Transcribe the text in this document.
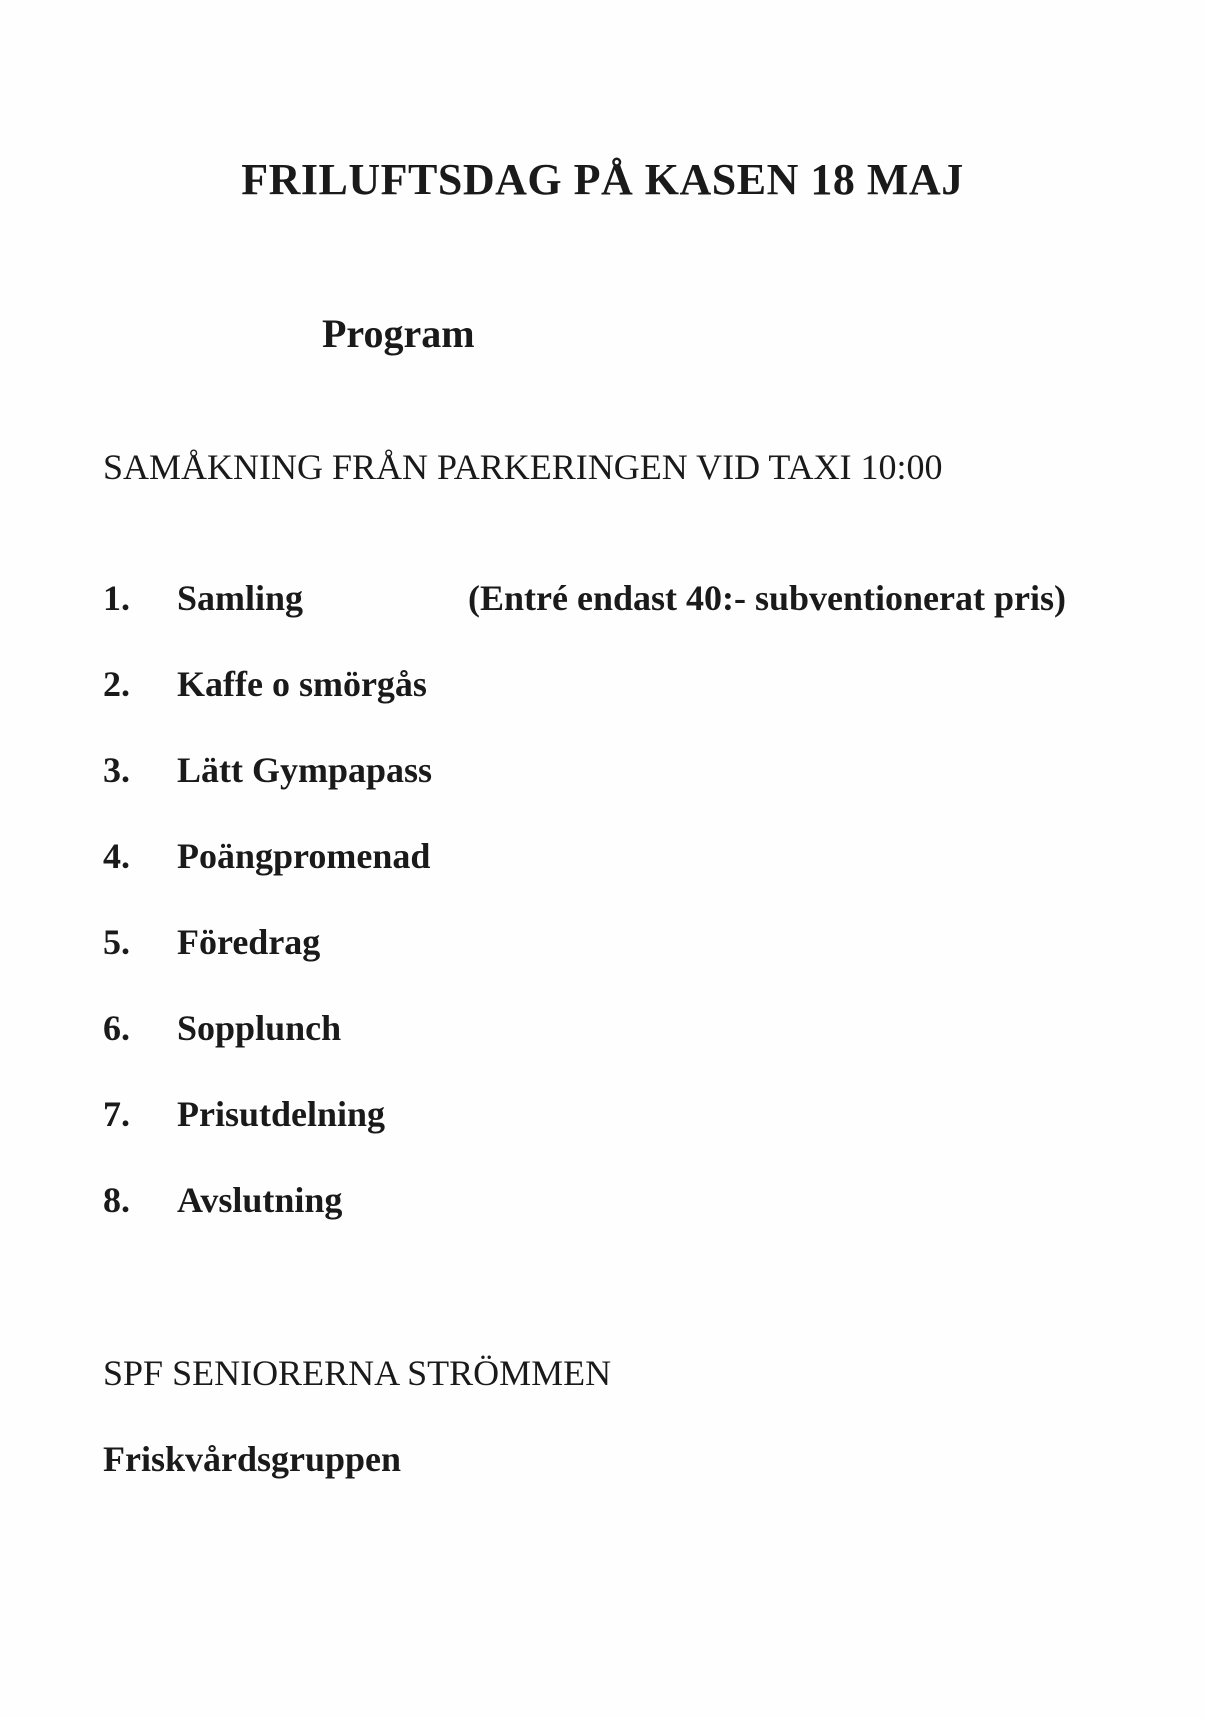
FRILUFTSDAG PÅ KASEN 18 MAJ
Program
SAMÅKNING FRÅN PARKERINGEN VID TAXI 10:00
1. Samling	(Entré endast 40:- subventionerat pris)
2. Kaffe o smörgås
3. Lätt Gympapass
4. Poängpromenad
5. Föredrag
6. Sopplunch
7. Prisutdelning
8. Avslutning
SPF SENIORERNA STRÖMMEN
Friskvårdsgruppen
